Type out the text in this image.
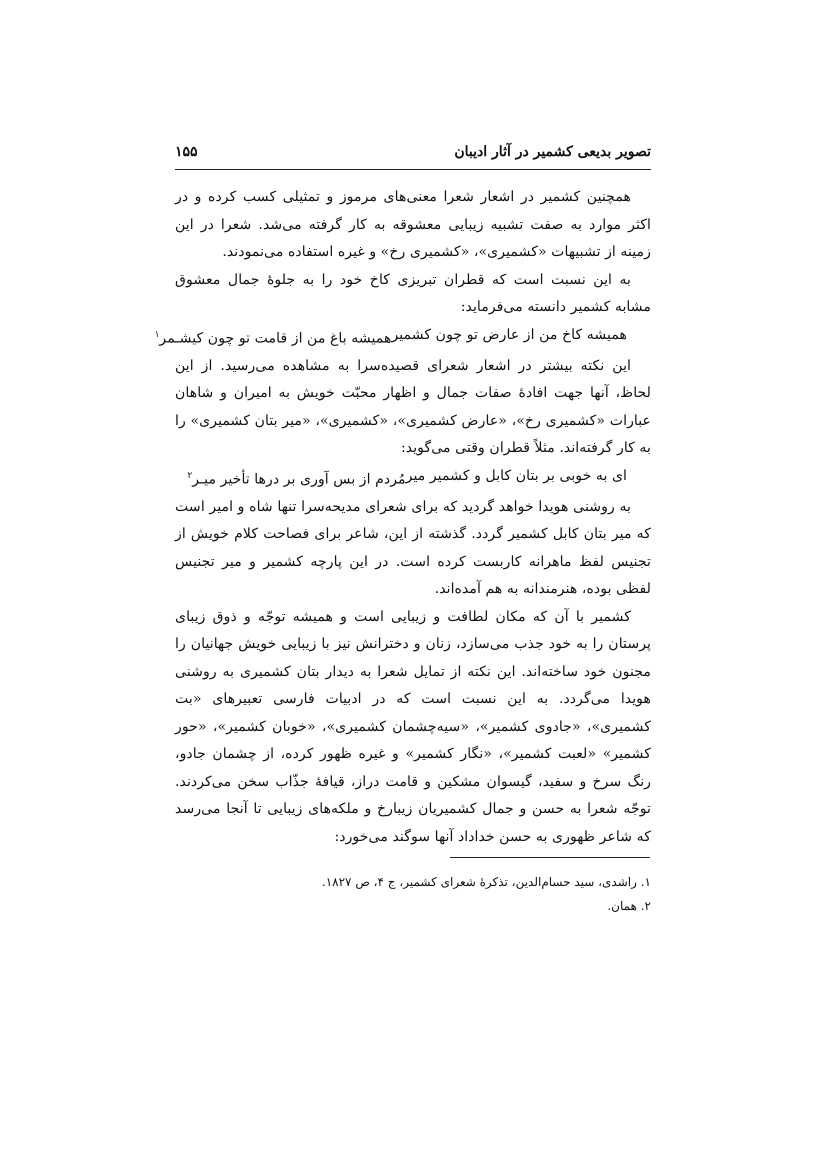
تصویر بدیعی کشمیر در آثار ادیبان
۱۵۵

همچنین کشمیر در اشعار شعرا معنی‌های مرموز و تمثیلی کسب کرده و در اکثر موارد به صفت تشبیه زیبایی معشوقه به کار گرفته می‌شد. شعرا در این زمینه از تشبیهات «کشمیری»، «کشمیری رخ» و غیره استفاده می‌نمودند.

به این نسبت است که قطران تبریزی کاخ خود را به جلوهٔ جمال معشوق مشابه کشمیر دانسته می‌فرماید:

همیشه کاخ من از عارض تو چون کشمیر
همیشه باغ من از قامت تو چون کیشـمر$^۱$

این نکته بیشتر در اشعار شعرای قصیده‌سرا به مشاهده می‌رسید. از این لحاظ، آنها جهت افادهٔ صفات جمال و اظهار محبّت خویش به امیران و شاهان عبارات «کشمیری رخ»، «عارض کشمیری»، «کشمیری»، «میر بتان کشمیری» را به کار گرفته‌اند. مثلاً قطران وقتی می‌گوید:

ای به خوبی بر بتان کابل و کشمیر میر
مُردم از بس آوری بر درها تأخیر میـر$^۲$

به روشنی هویدا خواهد گردید که برای شعرای مدیحه‌سرا تنها شاه و امیر است که میر بتان کابل کشمیر گردد. گذشته از این، شاعر برای فصاحت کلام خویش از تجنیس لفظ ماهرانه کاربست کرده است. در این پارچه کشمیر و میر تجنیس لفظی بوده، هنرمندانه به هم آمده‌اند.

کشمیر با آن که مکان لطافت و زیبایی است و همیشه توجّه و ذوق زیبای پرستان را به خود جذب می‌سازد، زنان و دخترانش نیز با زیبایی خویش جهانیان را مجنون خود ساخته‌اند. این نکته از تمایل شعرا به دیدار بتان کشمیری به روشنی هویدا می‌گردد. به این نسبت است که در ادبیات فارسی تعبیرهای «بت کشمیری»، «جادوی کشمیر»، «سیه‌چشمان کشمیری»، «خوبان کشمیر»، «حور کشمیر» «لعبت کشمیر»، «نگار کشمیر» و غیره ظهور کرده، از چشمان جادو، رنگ سرخ و سفید، گیسوان مشکین و قامت دراز، قیافهٔ جذّاب سخن می‌کردند. توجّه شعرا به حسن و جمال کشمیریان زیبارخ و ملکه‌های زیبایی تا آنجا می‌رسد که شاعر ظهوری به حسن خداداد آنها سوگند می‌خورد:

۱. راشدی، سید حسام‌الدین، تذکرهٔ شعرای کشمیر، ج ۴، ص ۱۸۲۷.
۲. همان.
